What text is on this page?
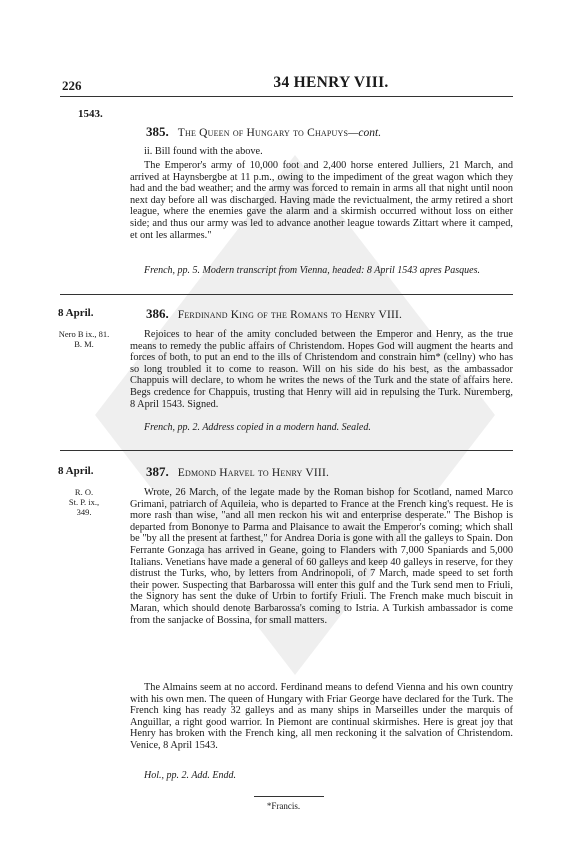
226	34 HENRY VIII.
1543.
385. The Queen of Hungary to Chapuys—cont.

ii. Bill found with the above.

The Emperor's army of 10,000 foot and 2,400 horse entered Julliers, 21 March, and arrived at Haynsbergbe at 11 p.m., owing to the impediment of the great wagon which they had and the bad weather; and the army was forced to remain in arms all that night until noon next day before all was discharged. Having made the revictualment, the army retired a short league, where the enemies gave the alarm and a skirmish occurred without loss on either side; and thus our army was led to advance another league towards Zittart where it camped, et ont les allarmes."

French, pp. 5. Modern transcript from Vienna, headed: 8 April 1543 apres Pasques.

8 April.	386. Ferdinand King of the Romans to Henry VIII.
Nero B ix., 81.
B. M.

Rejoices to hear of the amity concluded between the Emperor and Henry, as the true means to remedy the public affairs of Christendom. Hopes God will augment the hearts and forces of both, to put an end to the ills of Christendom and constrain him* (cellny) who has so long troubled it to come to reason. Will on his side do his best, as the ambassador Chappuis will declare, to whom he writes the news of the Turk and the state of affairs here. Begs credence for Chappuis, trusting that Henry will aid in repulsing the Turk. Nuremberg, 8 April 1543. Signed.

French, pp. 2. Address copied in a modern hand. Sealed.

8 April.	387. Edmond Harvel to Henry VIII.
R. O.
St. P. ix.,
349.

Wrote, 26 March, of the legate made by the Roman bishop for Scotland, named Marco Grimani, patriarch of Aquileia, who is departed to France at the French king's request. He is more rash than wise, "and all men reckon his wit and enterprise desperate." The Bishop is departed from Bononye to Parma and Plaisance to await the Emperor's coming; which shall be "by all the present at farthest," for Andrea Doria is gone with all the galleys to Spain. Don Ferrante Gonzaga has arrived in Geane, going to Flanders with 7,000 Spaniards and 5,000 Italians. Venetians have made a general of 60 galleys and keep 40 galleys in reserve, for they distrust the Turks, who, by letters from Andrinopoli, of 7 March, made speed to set forth their power. Suspecting that Barbarossa will enter this gulf and the Turk send men to Friuli, the Signory has sent the duke of Urbin to fortify Friuli. The French make much biscuit in Maran, which should denote Barbarossa's coming to Istria. A Turkish ambassador is come from the sanjacke of Bossina, for small matters.

The Almains seem at no accord. Ferdinand means to defend Vienna and his own country with his own men. The queen of Hungary with Friar George have declared for the Turk. The French king has ready 32 galleys and as many ships in Marseilles under the marquis of Anguillar, a right good warrior. In Piemont are continual skirmishes. Here is great joy that Henry has broken with the French king, all men reckoning it the salvation of Christendom. Venice, 8 April 1543.

Hol., pp. 2. Add. Endd.

*Francis.
